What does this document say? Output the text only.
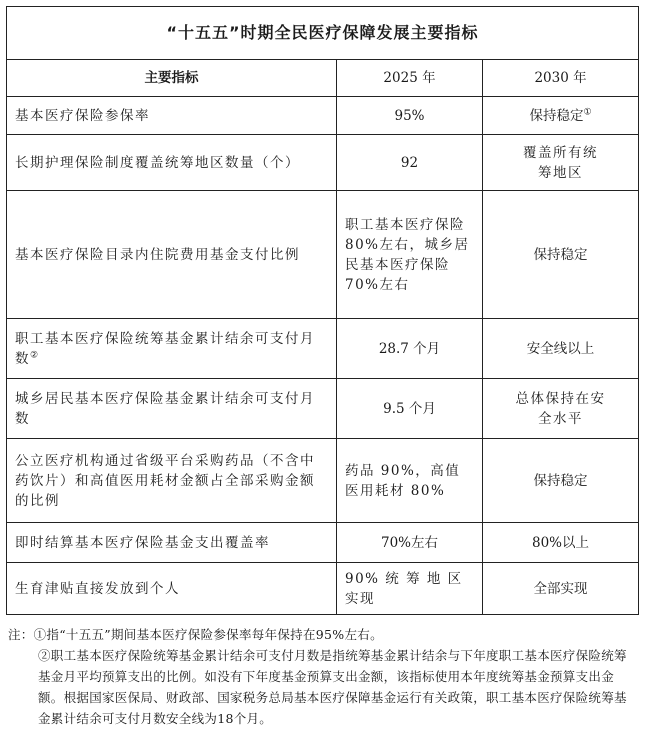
“十五五”时期全民医疗保障发展主要指标		
主要指标	2025 年	2030 年
基本医疗保险参保率	95%	保持稳定①
长期护理保险制度覆盖统筹地区数量（个）	92	覆盖所有统筹地区

基本医疗保险目录内住院费用基金支付比例	职工基本医疗保险 80%左右，城乡居民基本医疗保险 70%左右	保持稳定
职工基本医疗保险统筹基金累计结余可支付月数②	28.7 个月	安全线以上
城乡居民基本医疗保险基金累计结余可支付月数	9.5 个月	总体保持在安全水平

公立医疗机构通过省级平台采购药品（不含中药饮片）和高值医用耗材金额占全部采购金额的比例	药品 90%，高值医用耗材 80%	保持稳定
即时结算基本医疗保险基金支出覆盖率	70%左右	80%以上
生育津贴直接发放到个人	90% 统 筹 地 区 实现	全部实现

注：①指“十五五”期间基本医疗保险参保率每年保持在95%左右。

②职工基本医疗保险统筹基金累计结余可支付月数是指统筹基金累计结余与下年度职工基本医疗保险统筹基金月平均预算支出的比例。如没有下年度基金预算支出金额，该指标使用本年度统筹基金预算支出金额。根据国家医保局、财政部、国家税务总局基本医疗保障基金运行有关政策，职工基本医疗保险统筹基金累计结余可支付月数安全线为18个月。
